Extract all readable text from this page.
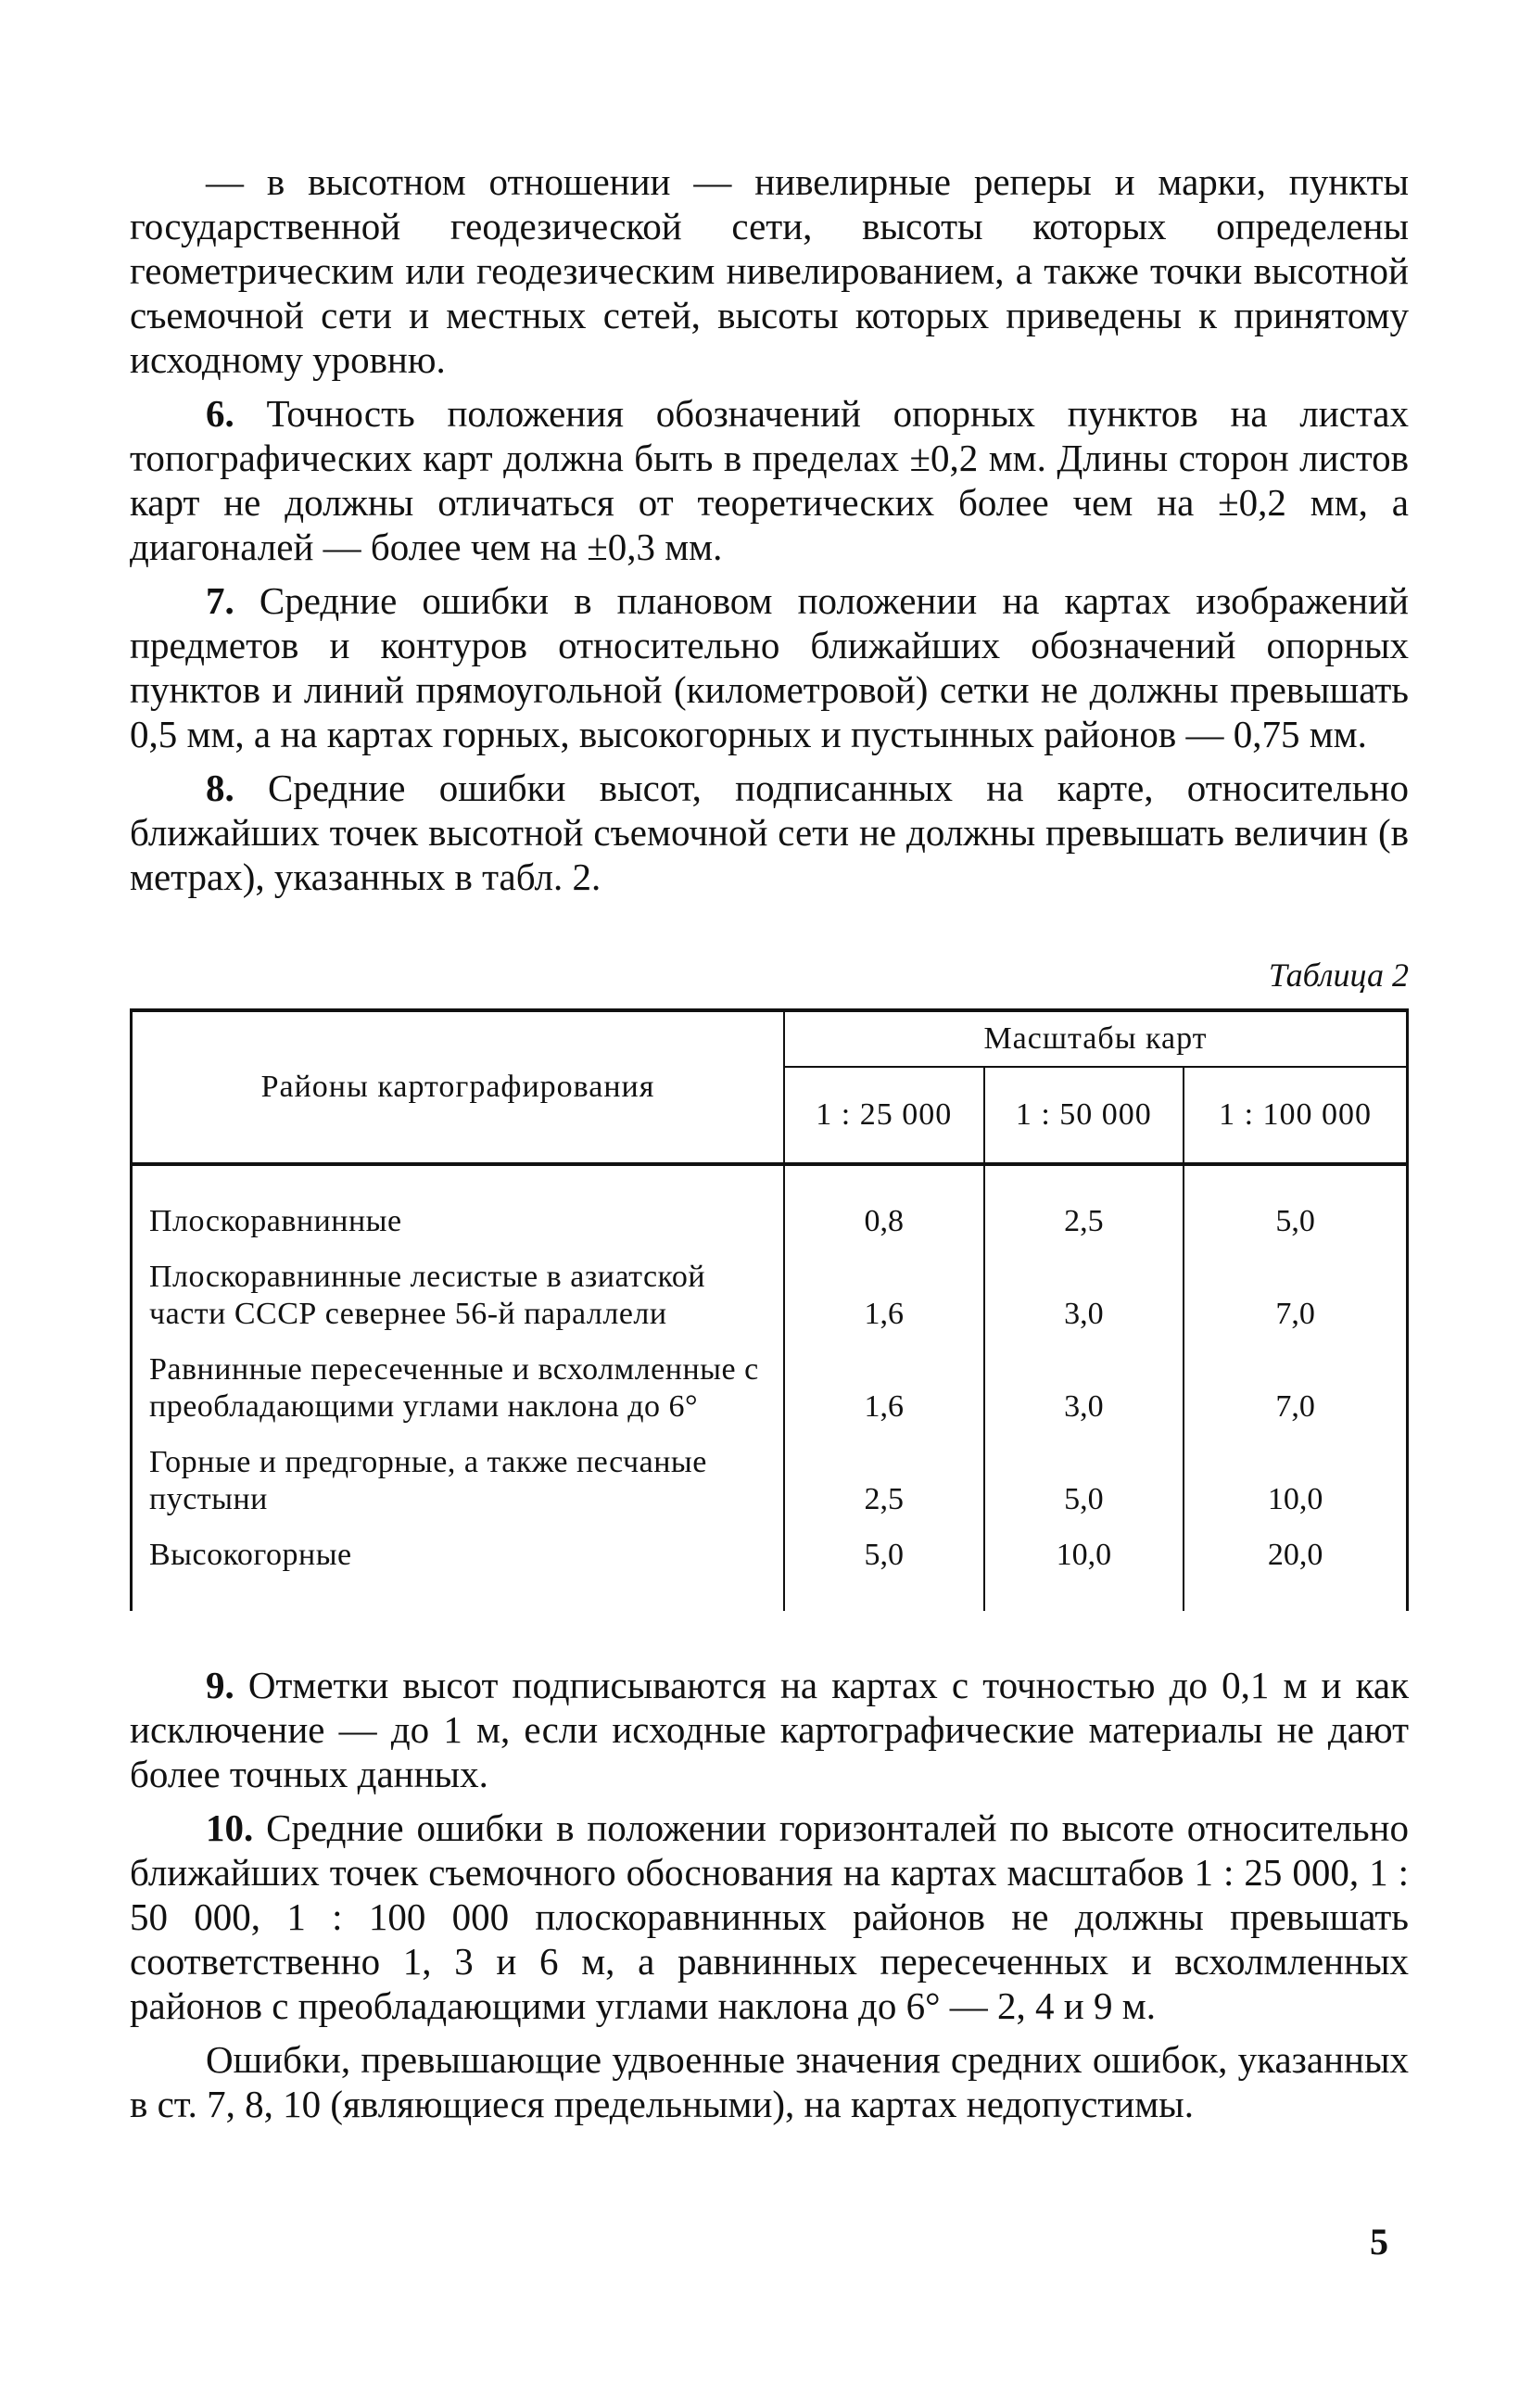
— в высотном отношении — нивелирные реперы и марки, пункты государственной геодезической сети, высоты которых определены геометрическим или геодезическим нивелированием, а также точки высотной съемочной сети и местных сетей, высоты которых приведены к принятому исходному уровню.

6. Точность положения обозначений опорных пунктов на листах топографических карт должна быть в пределах ±0,2 мм. Длины сторон листов карт не должны отличаться от теоретических более чем на ±0,2 мм, а диагоналей — более чем на ±0,3 мм.

7. Средние ошибки в плановом положении на картах изображений предметов и контуров относительно ближайших обозначений опорных пунктов и линий прямоугольной (километровой) сетки не должны превышать 0,5 мм, а на картах горных, высокогорных и пустынных районов — 0,75 мм.

8. Средние ошибки высот, подписанных на карте, относительно ближайших точек высотной съемочной сети не должны превышать величин (в метрах), указанных в табл. 2.

Таблица 2
Районы картографирования	Масштабы карт		
	1 : 25 000	1 : 50 000	1 : 100 000

Плоскоравнинные	0,8	2,5	5,0
Плоскоравнинные лесистые в азиатской части СССР севернее 56-й параллели	1,6	3,0	7,0
Равнинные пересеченные и всхолмленные с преобладающими углами наклона до 6°	1,6	3,0	7,0
Горные и предгорные, а также песчаные пустыни	2,5	5,0	10,0
Высокогорные	5,0	10,0	20,0

9. Отметки высот подписываются на картах с точностью до 0,1 м и как исключение — до 1 м, если исходные картографические материалы не дают более точных данных.

10. Средние ошибки в положении горизонталей по высоте относительно ближайших точек съемочного обоснования на картах масштабов 1 : 25 000, 1 : 50 000, 1 : 100 000 плоскоравнинных районов не должны превышать соответственно 1, 3 и 6 м, а равнинных пересеченных и всхолмленных районов с преобладающими углами наклона до 6° — 2, 4 и 9 м.

Ошибки, превышающие удвоенные значения средних ошибок, указанных в ст. 7, 8, 10 (являющиеся предельными), на картах недопустимы.

5
